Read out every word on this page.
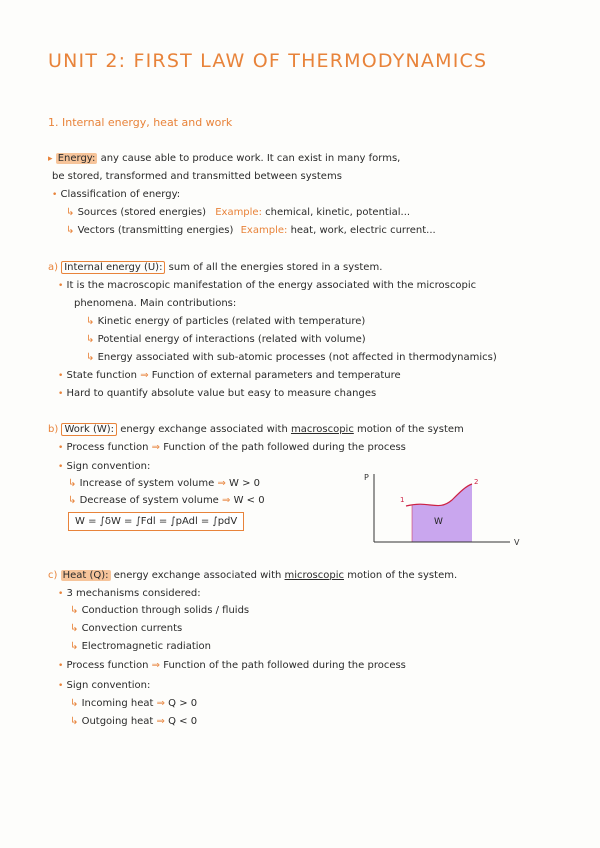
UNIT 2: FIRST LAW OF THERMODYNAMICS
1. Internal energy, heat and work
▸ Energy: any cause able to produce work. It can exist in many forms,
be stored, transformed and transmitted between systems
• Classification of energy:
↳ Sources (stored energies) Example: chemical, kinetic, potential...
↳ Vectors (transmitting energies) Example: heat, work, electric current...
a) Internal energy (U): sum of all the energies stored in a system.
• It is the macroscopic manifestation of the energy associated with the microscopic
phenomena. Main contributions:
↳ Kinetic energy of particles (related with temperature)
↳ Potential energy of interactions (related with volume)
↳ Energy associated with sub-atomic processes (not affected in thermodynamics)
• State function ⇒ Function of external parameters and temperature
• Hard to quantify absolute value but easy to measure changes
b) Work (W): energy exchange associated with macroscopic motion of the system
• Process function ⇒ Function of the path followed during the process
• Sign convention:
↳ Increase of system volume ⇒ W > 0
↳ Decrease of system volume ⇒ W < 0
W = ∫δW = ∫Fdl = ∫pAdl = ∫pdV
P
V
1
2
W
c) Heat (Q): energy exchange associated with microscopic motion of the system.
• 3 mechanisms considered:
↳ Conduction through solids / fluids
↳ Convection currents
↳ Electromagnetic radiation
• Process function ⇒ Function of the path followed during the process
• Sign convention:
↳ Incoming heat ⇒ Q > 0
↳ Outgoing heat ⇒ Q < 0
